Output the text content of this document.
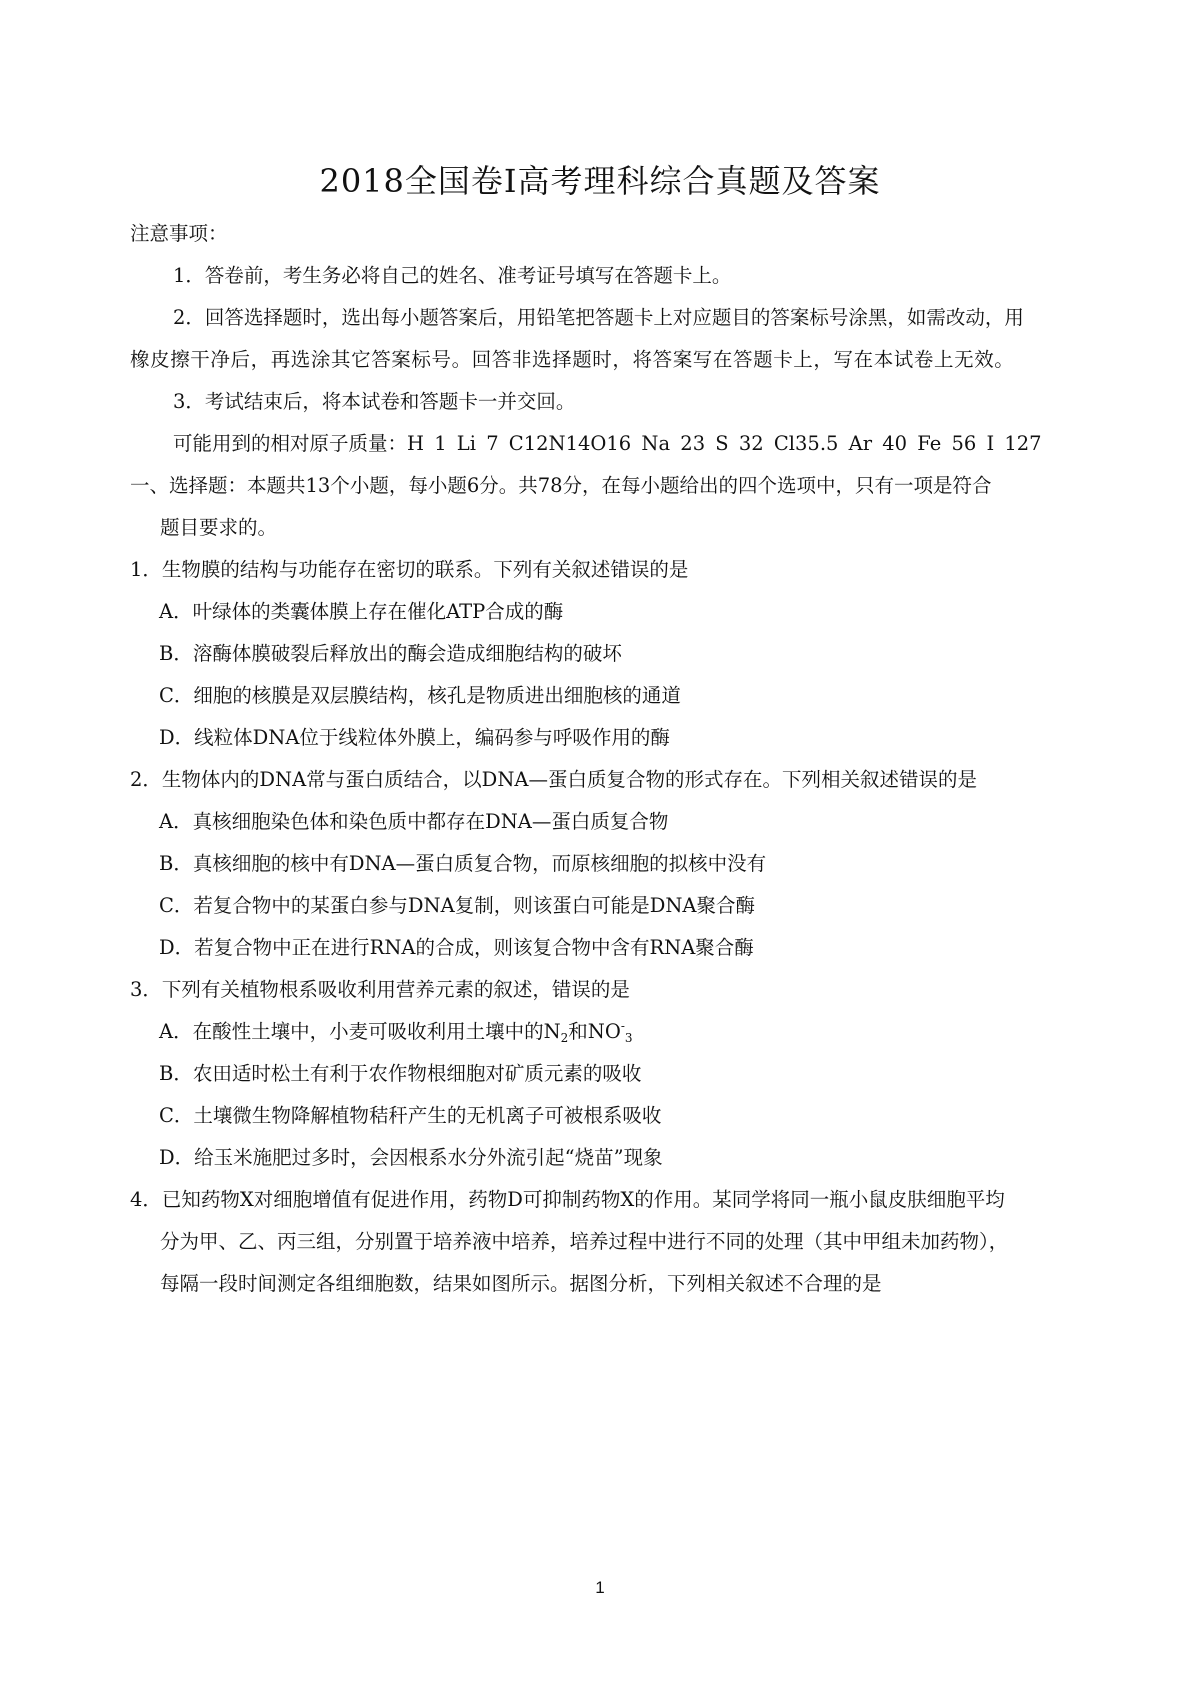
2018全国卷Ⅰ高考理科综合真题及答案
注意事项：
1．答卷前，考生务必将自己的姓名、准考证号填写在答题卡上。
2．回答选择题时，选出每小题答案后，用铅笔把答题卡上对应题目的答案标号涂黑，如需改动，用
橡皮擦干净后，再选涂其它答案标号。回答非选择题时，将答案写在答题卡上，写在本试卷上无效。
3．考试结束后，将本试卷和答题卡一并交回。
可能用到的相对原子质量：H 1 Li 7 C12N14O16 Na 23 S 32 Cl35.5 Ar 40 Fe 56 I 127
一、选择题：本题共13个小题，每小题6分。共78分，在每小题给出的四个选项中，只有一项是符合
题目要求的。
1．生物膜的结构与功能存在密切的联系。下列有关叙述错误的是
A．叶绿体的类囊体膜上存在催化ATP合成的酶
B．溶酶体膜破裂后释放出的酶会造成细胞结构的破坏
C．细胞的核膜是双层膜结构，核孔是物质进出细胞核的通道
D．线粒体DNA位于线粒体外膜上，编码参与呼吸作用的酶
2．生物体内的DNA常与蛋白质结合，以DNA—蛋白质复合物的形式存在。下列相关叙述错误的是
A．真核细胞染色体和染色质中都存在DNA—蛋白质复合物
B．真核细胞的核中有DNA—蛋白质复合物，而原核细胞的拟核中没有
C．若复合物中的某蛋白参与DNA复制，则该蛋白可能是DNA聚合酶
D．若复合物中正在进行RNA的合成，则该复合物中含有RNA聚合酶
3．下列有关植物根系吸收利用营养元素的叙述，错误的是
A．在酸性土壤中，小麦可吸收利用土壤中的$N_2$和$NO^-_3$
B．农田适时松土有利于农作物根细胞对矿质元素的吸收
C．土壤微生物降解植物秸秆产生的无机离子可被根系吸收
D．给玉米施肥过多时，会因根系水分外流引起“烧苗”现象
4．已知药物X对细胞增值有促进作用，药物D可抑制药物X的作用。某同学将同一瓶小鼠皮肤细胞平均
分为甲、乙、丙三组，分别置于培养液中培养，培养过程中进行不同的处理（其中甲组未加药物），
每隔一段时间测定各组细胞数，结果如图所示。据图分析，下列相关叙述不合理的是
1
